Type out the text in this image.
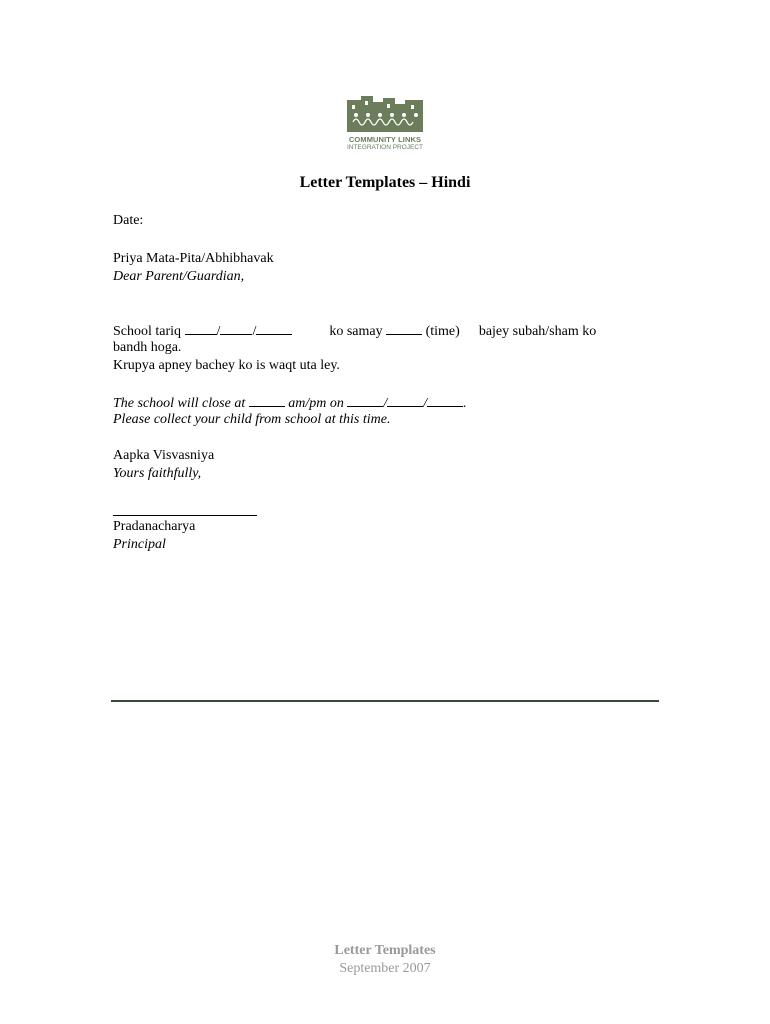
COMMUNITY LINKS
INTEGRATION PROJECT
Letter Templates – Hindi
Date:
Priya Mata-Pita/Abhibhavak
Dear Parent/Guardian,
School tariq	/ /	ko samay	(time) bajey subah/sham ko
bandh hoga.
Krupya apney bachey ko is waqt uta ley.
The school will close at	am/pm on	/	/	.
Please collect your child from school at this time.
Aapka Visvasniya
Yours faithfully,
Pradanacharya
Principal
Letter Templates
September 2007
